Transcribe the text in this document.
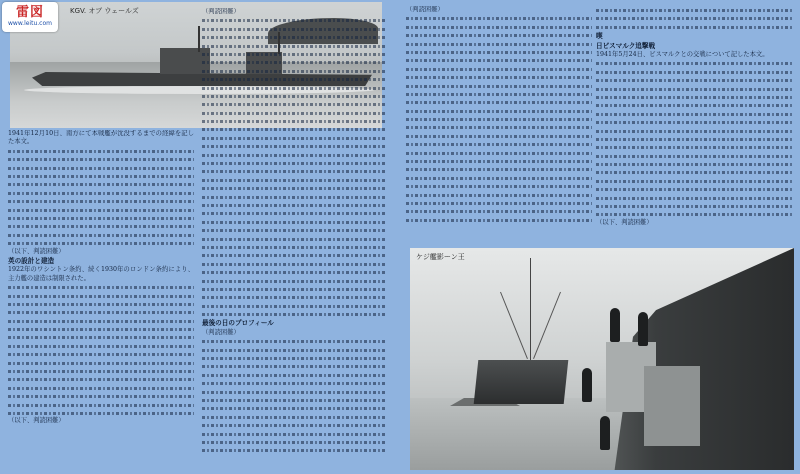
雷図
www.leitu.com
KGV. オブ ウェールズ
1941年12月10日、南方にて本戦艦が沈没するまでの経緯を記した本文。
（以下、判読困難）
英の設計と建造
1922年のワシントン条約、続く1930年のロンドン条約により、主力艦の建造は制限された。
（以下、判読困難）
（判読困難）
最後の日のプロフィール
（判読困難）
（判読困難）
喫
日ビスマルク追撃戦
1941年5月24日、ビスマルクとの交戦について記した本文。
（以下、判読困難）
ケジ艦影ーン王
